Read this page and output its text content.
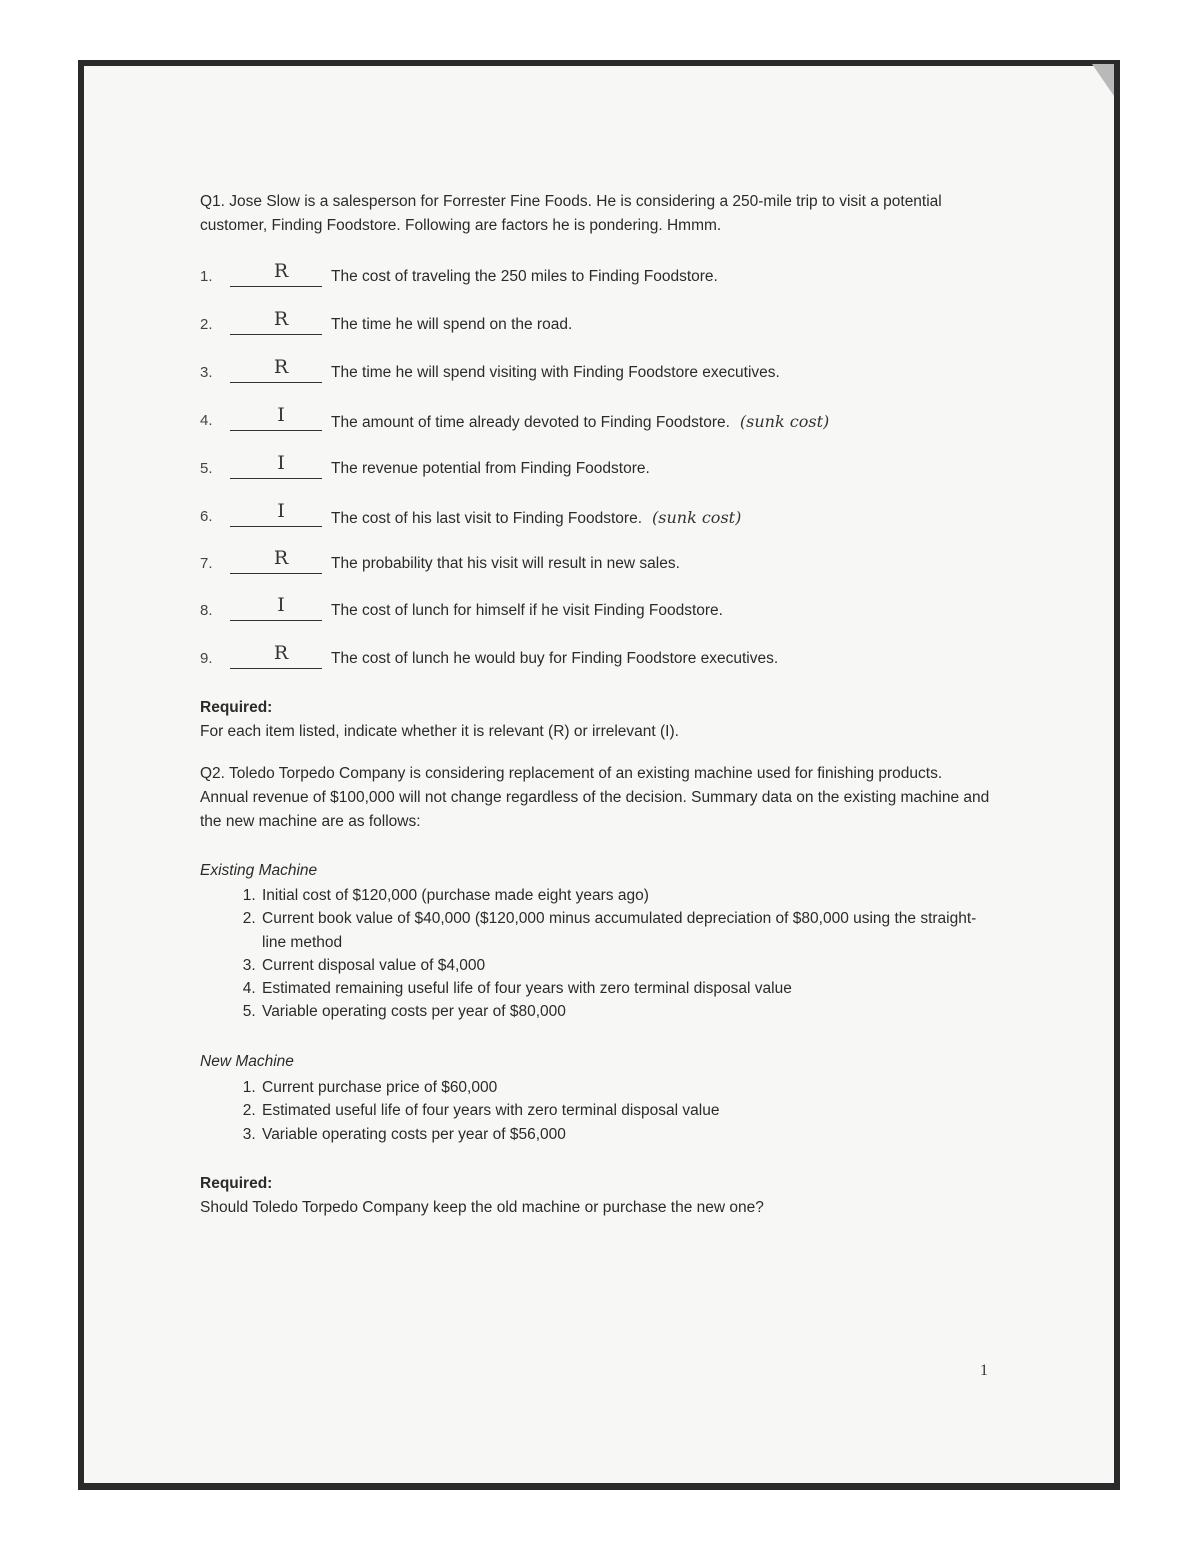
Q1. Jose Slow is a salesperson for Forrester Fine Foods. He is considering a 250-mile trip to visit a potential customer, Finding Foodstore. Following are factors he is pondering. Hmmm.
1.	R	The cost of traveling the 250 miles to Finding Foodstore.
2.	R	The time he will spend on the road.
3.	R	The time he will spend visiting with Finding Foodstore executives.
4.	I	The amount of time already devoted to Finding Foodstore. (sunk cost)
5.	I	The revenue potential from Finding Foodstore.
6.	I	The cost of his last visit to Finding Foodstore. (sunk cost)
7.	R	The probability that his visit will result in new sales.
8.	I	The cost of lunch for himself if he visit Finding Foodstore.
9.	R	The cost of lunch he would buy for Finding Foodstore executives.
Required:
For each item listed, indicate whether it is relevant (R) or irrelevant (I).
Q2. Toledo Torpedo Company is considering replacement of an existing machine used for finishing products. Annual revenue of $100,000 will not change regardless of the decision. Summary data on the existing machine and the new machine are as follows:
Existing Machine
1. Initial cost of $120,000 (purchase made eight years ago)
2. Current book value of $40,000 ($120,000 minus accumulated depreciation of $80,000 using the straight-line method
3. Current disposal value of $4,000
4. Estimated remaining useful life of four years with zero terminal disposal value
5. Variable operating costs per year of $80,000
New Machine
1. Current purchase price of $60,000
2. Estimated useful life of four years with zero terminal disposal value
3. Variable operating costs per year of $56,000
Required:
Should Toledo Torpedo Company keep the old machine or purchase the new one?
1
